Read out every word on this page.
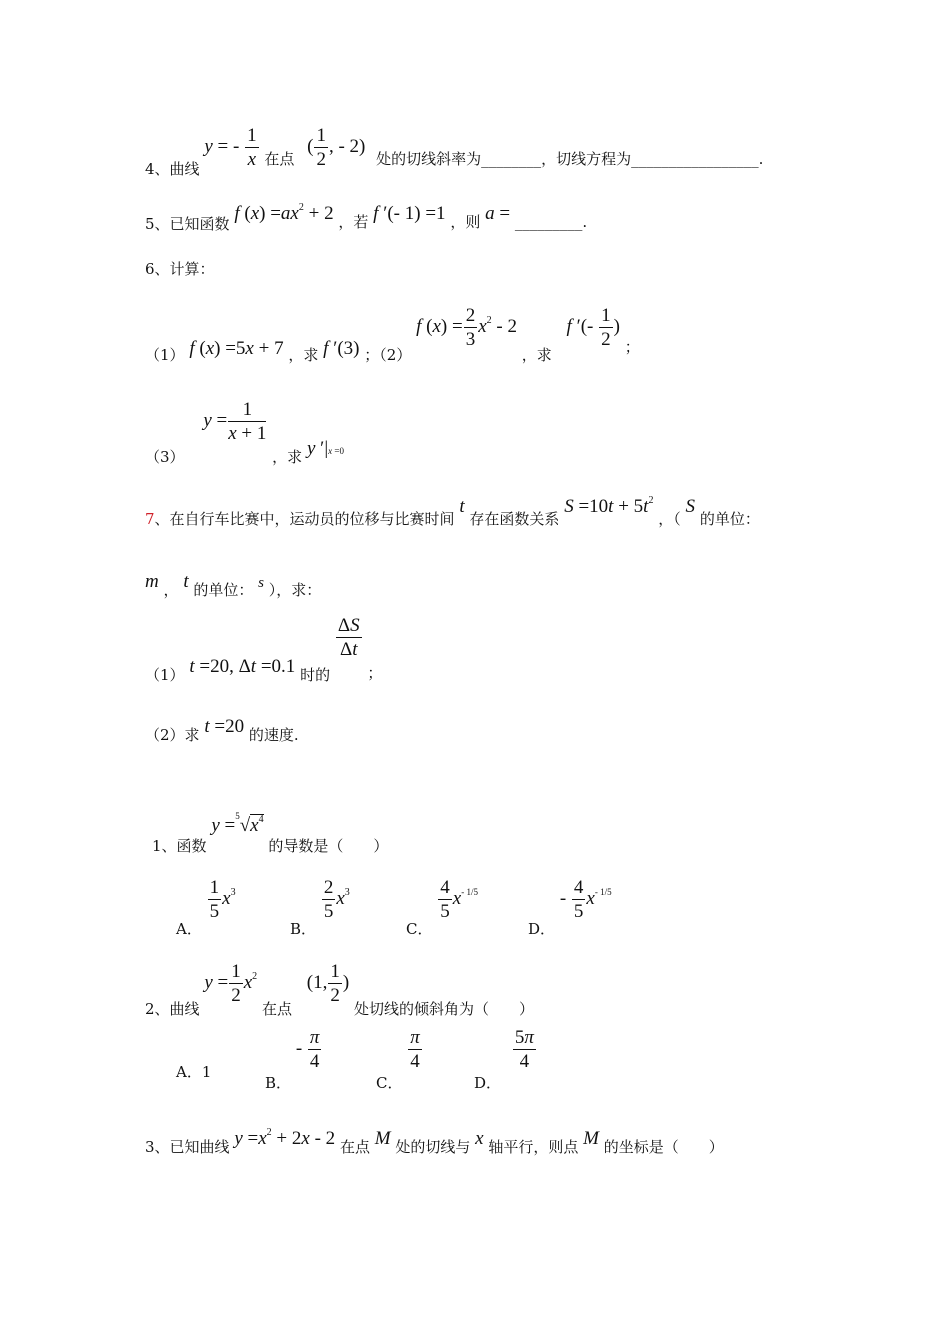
4、曲线 y = - $\frac{1}{x}$ 在点 ( $\frac{1}{2}$ , - 2) 处的切线斜率为________，切线方程为_________________.
5、已知函数 f $(x) =ax^2 + 2$ ，若 f ′(- 1) =1 ，则 a = _________.
6、计算：
（1） f (x) =5x + 7 ，求 f ′(3) ；（2） f $(x) = \frac{2}{3} x^2 - 2$ ，求 f ′(- $\frac{1}{2}$ ) ；
（3） $y = \frac{1}{x + 1}$
，求 y ′|x =0
7、在自行车比赛中，运动员的位移与比赛时间 t 存在函数关系 $S =10t + 5t^2$ ，（ S 的单位：
m ， t 的单位： s ），求：
（1） t =20, Δt =0.1 时的
$\frac{\Delta S}{\Delta t}$
；
（2）求 t =20 的速度.
1、函数 $y =^5√x^4$ 的导数是（　　）
A．
$\frac{1}{5} x^3$
B．
$\frac{2}{5} x^3$
C．
$\frac{4}{5} x^{- 1/5}$
D． - $\frac{4}{5} x^{- 1/5}$
2、曲线 $y = \frac{1}{2} x^2$ 在点 (1, $\frac{1}{2}$ ) 处切线的倾斜角为（　　）
A．1
B． - $\frac{\pi}{4}$
C．
$\frac{\pi}{4}$
D．
$\frac{5\pi}{4}$
3、已知曲线 $y =x^2 + 2x - 2$ 在点 M 处的切线与 x 轴平行，则点 M 的坐标是（　　）
